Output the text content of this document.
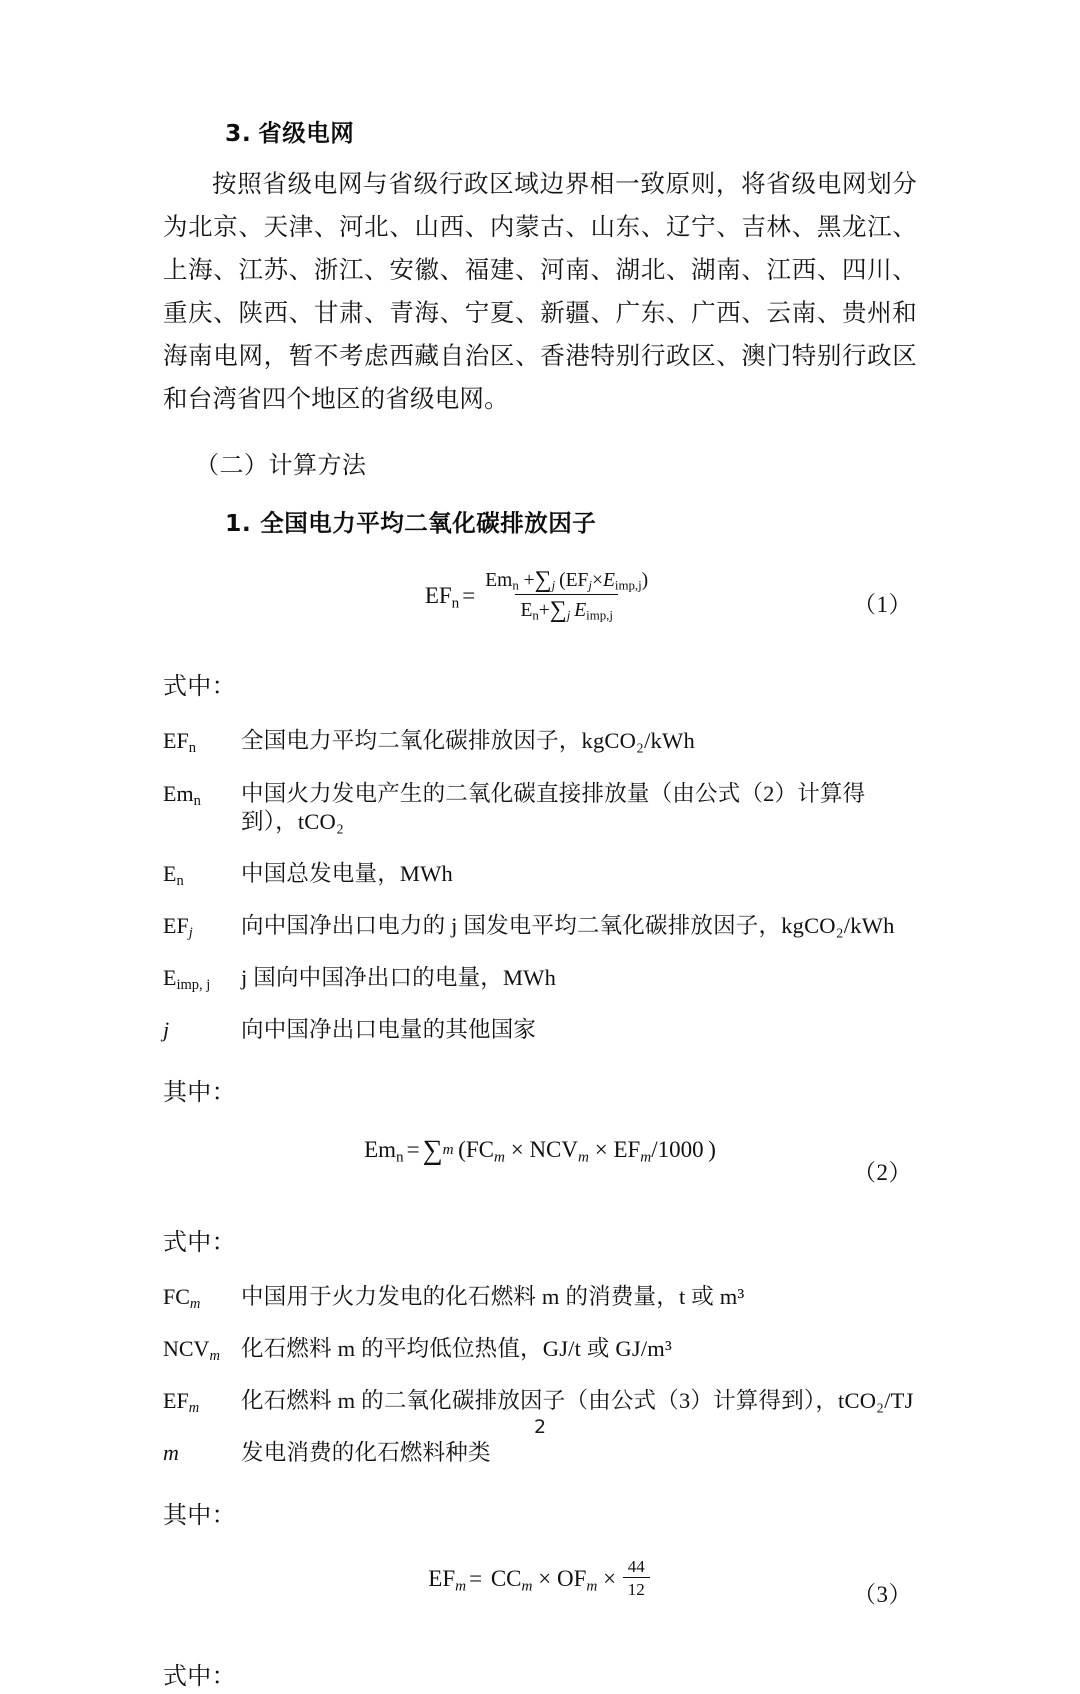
3. 省级电网

按照省级电网与省级行政区域边界相一致原则，将省级电网划分为北京、天津、河北、山西、内蒙古、山东、辽宁、吉林、黑龙江、上海、江苏、浙江、安徽、福建、河南、湖北、湖南、江西、四川、重庆、陕西、甘肃、青海、宁夏、新疆、广东、广西、云南、贵州和海南电网，暂不考虑西藏自治区、香港特别行政区、澳门特别行政区和台湾省四个地区的省级电网。

（二）计算方法
1. 全国电力平均二氧化碳排放因子
$EF_n = \frac{Em_n +\sum_j (EF_j\times E_{imp,j})}{E_n+\sum_j E_{imp,j}}$	（1）
式中：
$EF_n$	全国电力平均二氧化碳排放因子，kgCO₂/kWh
$Em_n$	中国火力发电产生的二氧化碳直接排放量（由公式（2）计算得到），tCO₂
$E_n$	中国总发电量，MWh
$EF_j$	向中国净出口电力的 j 国发电平均二氧化碳排放因子，kgCO₂/kWh
$E_{imp, j}$	j 国向中国净出口的电量，MWh
j	向中国净出口电量的其他国家
其中：
$Em_n$ = ∑ m
  ($FC_m \times NCV_m \times EF_m/1000$  )
（2）
式中：
$FC_m$	中国用于火力发电的化石燃料 m 的消费量，t 或 m³
$NCV_m$ 化石燃料 m 的平均低位热值，GJ/t 或 GJ/m³
$EF_m$	化石燃料 m 的二氧化碳排放因子（由公式（3）计算得到），tCO₂/TJ
m	发电消费的化石燃料种类
其中：
$EF_m = CC_m \times OF_m \times \frac{44}{12}$	（3）
式中：
2
